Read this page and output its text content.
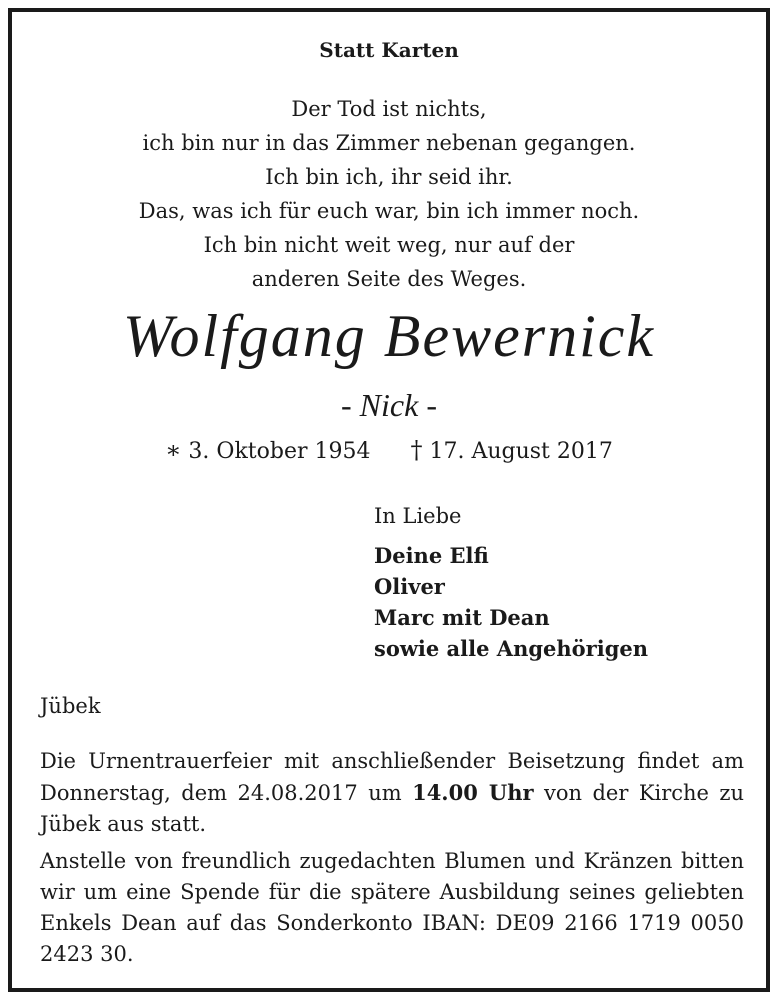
Statt Karten
Der Tod ist nichts,
ich bin nur in das Zimmer nebenan gegangen.
Ich bin ich, ihr seid ihr.
Das, was ich für euch war, bin ich immer noch.
Ich bin nicht weit weg, nur auf der
anderen Seite des Weges.
Wolfgang Bewernick
- Nick -
∗ 3. Oktober 1954 † 17. August 2017
In Liebe
Deine Elfi
Oliver
Marc mit Dean
sowie alle Angehörigen
Jübek
Die Urnentrauerfeier mit anschließender Beisetzung findet am Donnerstag, dem 24.08.2017 um 14.00 Uhr von der Kirche zu Jübek aus statt.
Anstelle von freundlich zugedachten Blumen und Kränzen bitten wir um eine Spende für die spätere Ausbildung seines geliebten Enkels Dean auf das Sonderkonto IBAN: DE09 2166 1719 0050 2423 30.
